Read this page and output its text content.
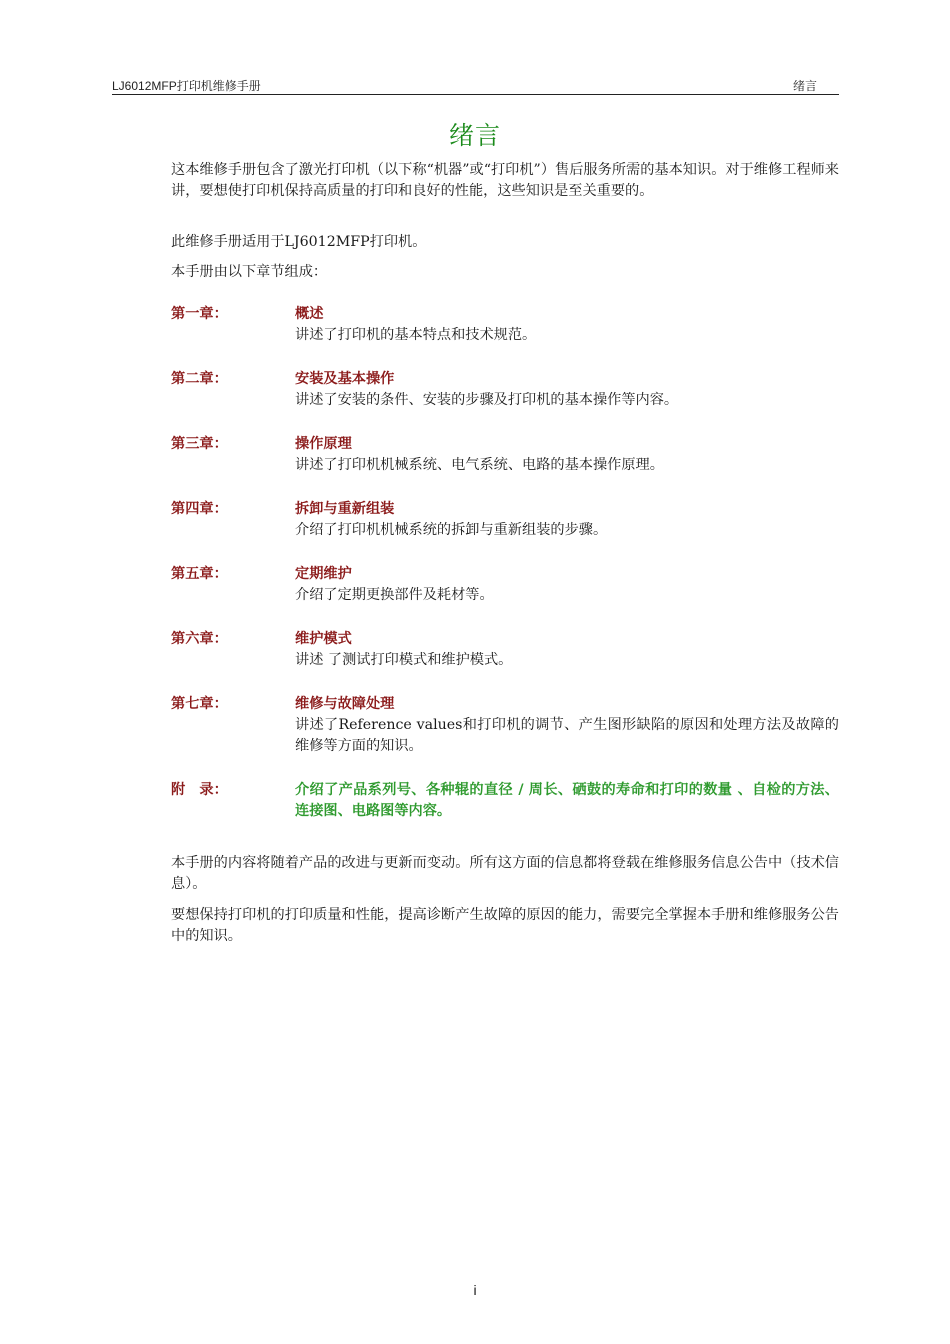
LJ6012MFP打印机维修手册	绪言
绪言
这本维修手册包含了激光打印机（以下称“机器”或“打印机”）售后服务所需的基本知识。对于维修工程师来讲，要想使打印机保持高质量的打印和良好的性能，这些知识是至关重要的。
此维修手册适用于LJ6012MFP打印机。
本手册由以下章节组成：
第一章：	概述
讲述了打印机的基本特点和技术规范。
第二章：	安装及基本操作
讲述了安装的条件、安装的步骤及打印机的基本操作等内容。
第三章：	操作原理
讲述了打印机机械系统、电气系统、电路的基本操作原理。
第四章：	拆卸与重新组装
介绍了打印机机械系统的拆卸与重新组装的步骤。
第五章：	定期维护
介绍了定期更换部件及耗材等。
第六章：	维护模式
讲述 了测试打印模式和维护模式。
第七章：	维修与故障处理
讲述了Reference values和打印机的调节、产生图形缺陷的原因和处理方法及故障的维修等方面的知识。
附　录：	介绍了产品系列号、各种辊的直径 / 周长、硒鼓的寿命和打印的数量 、自检的方法、连接图、电路图等内容。
本手册的内容将随着产品的改进与更新而变动。所有这方面的信息都将登载在维修服务信息公告中（技术信息）。
要想保持打印机的打印质量和性能，提高诊断产生故障的原因的能力，需要完全掌握本手册和维修服务公告中的知识。
i
